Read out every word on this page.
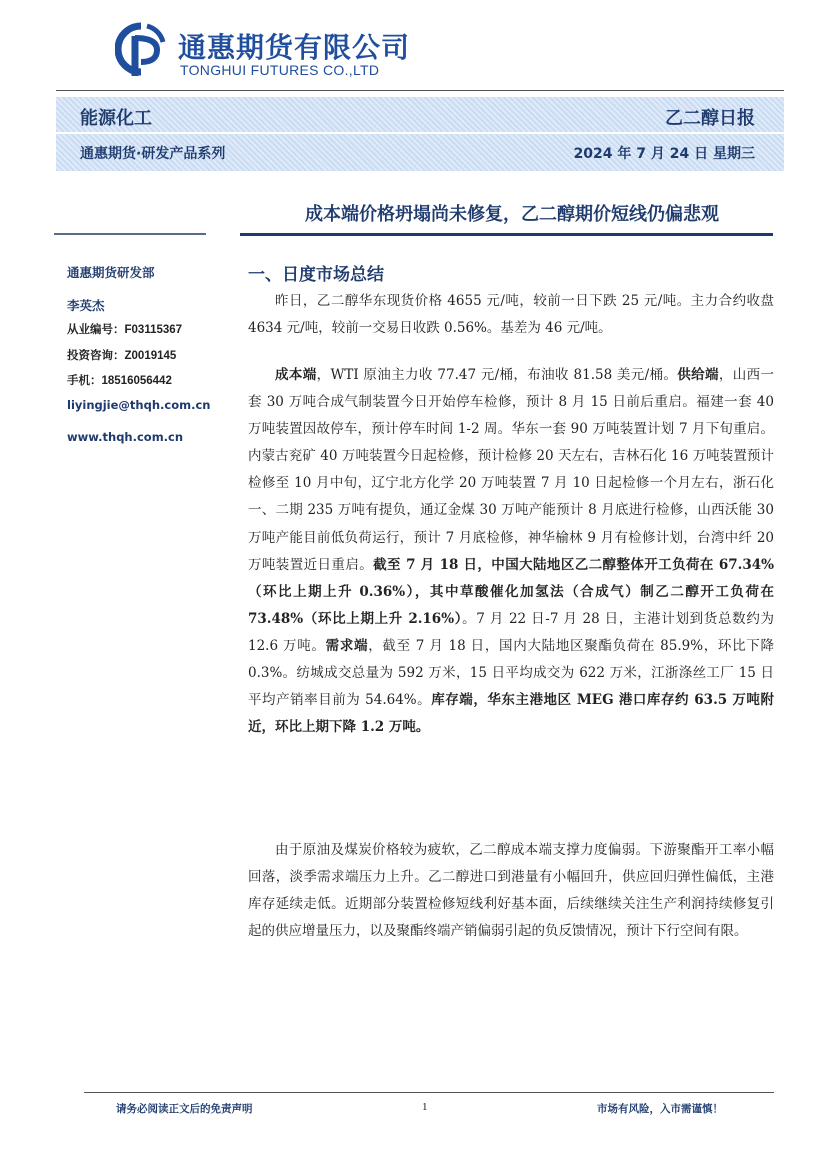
通惠期货有限公司
TONGHUI FUTURES CO.,LTD
能源化工	乙二醇日报
通惠期货·研发产品系列	2024 年 7 月 24 日 星期三
成本端价格坍塌尚未修复，乙二醇期价短线仍偏悲观
通惠期货研发部
李英杰
从业编号：F03115367
投资咨询：Z0019145
手机：18516056442
liyingjie@thqh.com.cn
www.thqh.com.cn
一、日度市场总结

昨日，乙二醇华东现货价格 4655 元/吨，较前一日下跌 25 元/吨。主力合约收盘 4634 元/吨，较前一交易日收跌 0.56%。基差为 46 元/吨。

成本端，WTI 原油主力收 77.47 元/桶，布油收 81.58 美元/桶。供给端，山西一套 30 万吨合成气制装置今日开始停车检修，预计 8 月 15 日前后重启。福建一套 40 万吨装置因故停车，预计停车时间 1-2 周。华东一套 90 万吨装置计划 7 月下旬重启。内蒙古兖矿 40 万吨装置今日起检修，预计检修 20 天左右，吉林石化 16 万吨装置预计检修至 10 月中旬，辽宁北方化学 20 万吨装置 7 月 10 日起检修一个月左右，浙石化一、二期 235 万吨有提负，通辽金煤 30 万吨产能预计 8 月底进行检修，山西沃能 30 万吨产能目前低负荷运行，预计 7 月底检修，神华榆林 9 月有检修计划，台湾中纤 20 万吨装置近日重启。截至 7 月 18 日，中国大陆地区乙二醇整体开工负荷在 67.34%（环比上期上升 0.36%），其中草酸催化加氢法（合成气）制乙二醇开工负荷在 73.48%（环比上期上升 2.16%）。7 月 22 日-7 月 28 日，主港计划到货总数约为 12.6 万吨。需求端，截至 7 月 18 日，国内大陆地区聚酯负荷在 85.9%，环比下降 0.3%。纺城成交总量为 592 万米，15 日平均成交为 622 万米，江浙涤丝工厂 15 日平均产销率目前为 54.64%。库存端，华东主港地区 MEG 港口库存约 63.5 万吨附近，环比上期下降 1.2 万吨。

由于原油及煤炭价格较为疲软，乙二醇成本端支撑力度偏弱。下游聚酯开工率小幅回落，淡季需求端压力上升。乙二醇进口到港量有小幅回升，供应回归弹性偏低，主港库存延续走低。近期部分装置检修短线利好基本面，后续继续关注生产利润持续修复引起的供应增量压力，以及聚酯终端产销偏弱引起的负反馈情况，预计下行空间有限。

请务必阅读正文后的免责声明	1	市场有风险，入市需谨慎！
